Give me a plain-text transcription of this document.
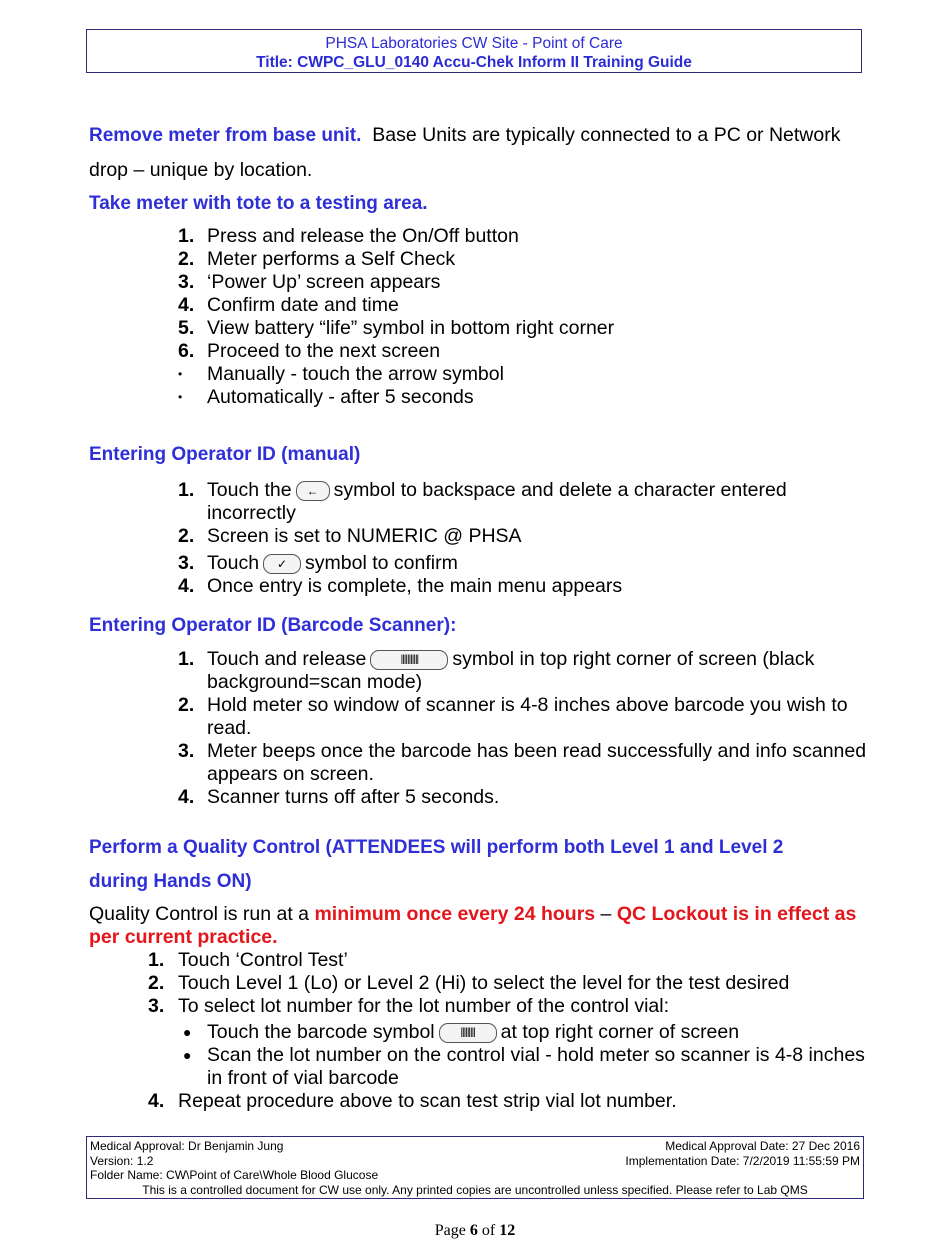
PHSA Laboratories CW Site - Point of Care
Title: CWPC_GLU_0140 Accu-Chek Inform II Training Guide

Remove meter from base unit. Base Units are typically connected to a PC or Network drop – unique by location.

Take meter with tote to a testing area.
1. Press and release the On/Off button
2. Meter performs a Self Check
3. ‘Power Up’ screen appears
4. Confirm date and time
5. View battery “life” symbol in bottom right corner
6. Proceed to the next screen
• Manually - touch the arrow symbol
• Automatically - after 5 seconds
Entering Operator ID (manual)
1. Touch the ← symbol to backspace and delete a character entered incorrectly
2. Screen is set to NUMERIC @ PHSA
3. Touch ✓ symbol to confirm
4. Once entry is complete, the main menu appears
Entering Operator ID (Barcode Scanner):
1. Touch and release	||||||||||| symbol in top right corner of screen (black background=scan mode)
2. Hold meter so window of scanner is 4-8 inches above barcode you wish to read.
3. Meter beeps once the barcode has been read successfully and info scanned appears on screen.
4. Scanner turns off after 5 seconds.
Perform a Quality Control (ATTENDEES will perform both Level 1 and Level 2 during Hands ON)
Quality Control is run at a minimum once every 24 hours – QC Lockout is in effect as per current practice.
1. Touch ‘Control Test’
2. Touch Level 1 (Lo) or Level 2 (Hi) to select the level for the test desired
3. To select lot number for the lot number of the control vial:
● Touch the barcode symbol	||||||||| at top right corner of screen
● Scan the lot number on the control vial - hold meter so scanner is 4-8 inches in front of vial barcode
4. Repeat procedure above to scan test strip vial lot number.
Medical Approval: Dr Benjamin Jung	Medical Approval Date: 27 Dec 2016
Version: 1.2	Implementation Date: 7/2/2019 11:55:59 PM
Folder Name: CW\Point of Care\Whole Blood Glucose
This is a controlled document for CW use only. Any printed copies are uncontrolled unless specified. Please refer to Lab QMS
Page 6 of 12
